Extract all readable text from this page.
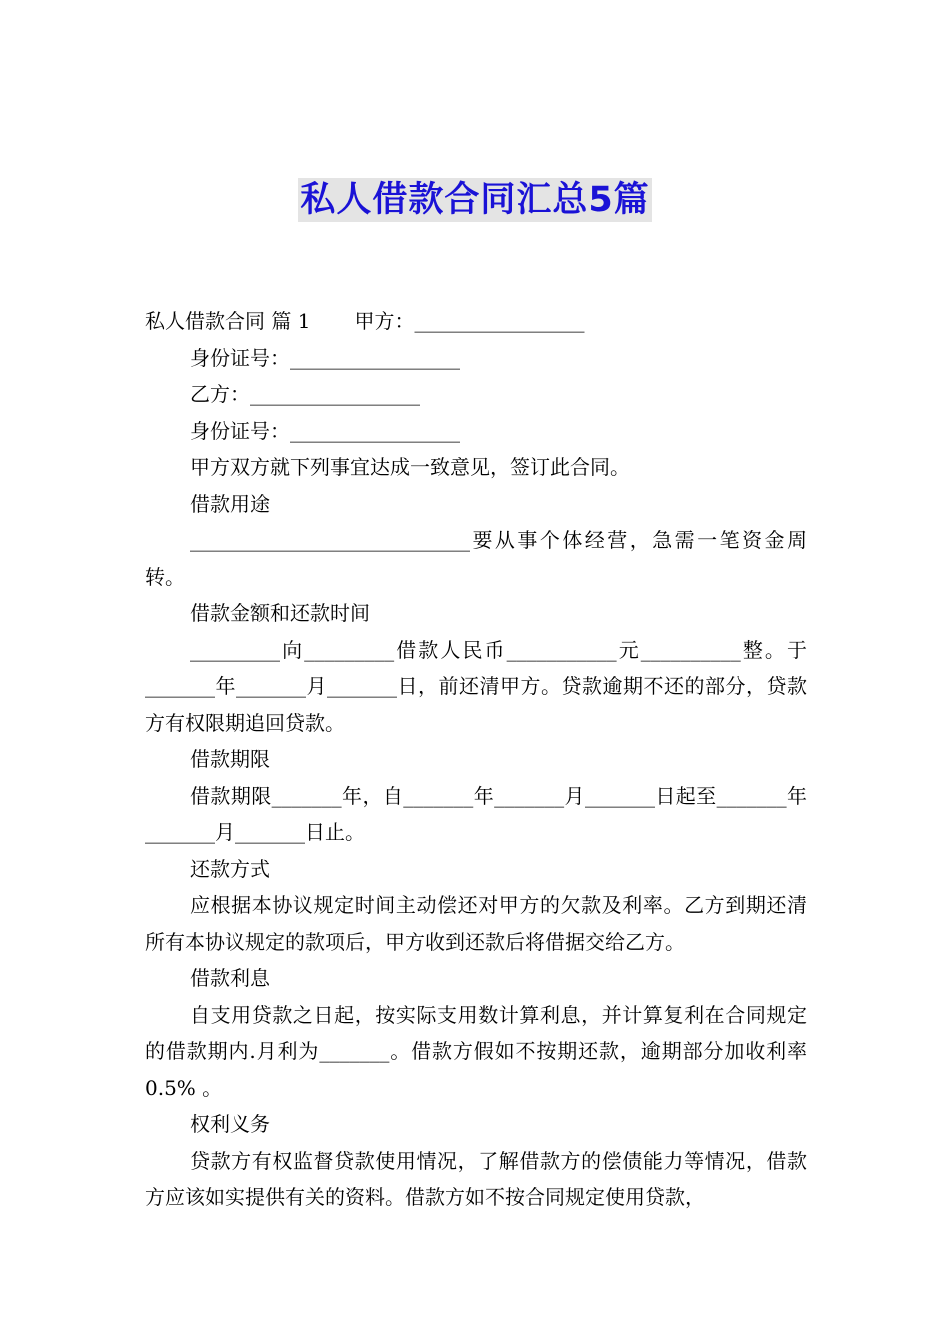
私人借款合同汇总5篇

私人借款合同 篇 1 甲方：_________________

身份证号：_________________

乙方：_________________

身份证号：_________________

甲方双方就下列事宜达成一致意见，签订此合同。

借款用途

____________________________要从事个体经营，急需一笔资金周转。

借款金额和还款时间

_________向_________借款人民币___________元__________整。于_______年_______月_______日，前还清甲方。贷款逾期不还的部分，贷款方有权限期追回贷款。

借款期限

借款期限_______年，自_______年_______月_______日起至_______年_______月_______日止。

还款方式

应根据本协议规定时间主动偿还对甲方的欠款及利率。乙方到期还清所有本协议规定的款项后，甲方收到还款后将借据交给乙方。

借款利息

自支用贷款之日起，按实际支用数计算利息，并计算复利在合同规定的借款期内.月利为_______。借款方假如不按期还款，逾期部分加收利率 0.5% 。

权利义务

贷款方有权监督贷款使用情况，了解借款方的偿债能力等情况，借款方应该如实提供有关的资料。借款方如不按合同规定使用贷款，
